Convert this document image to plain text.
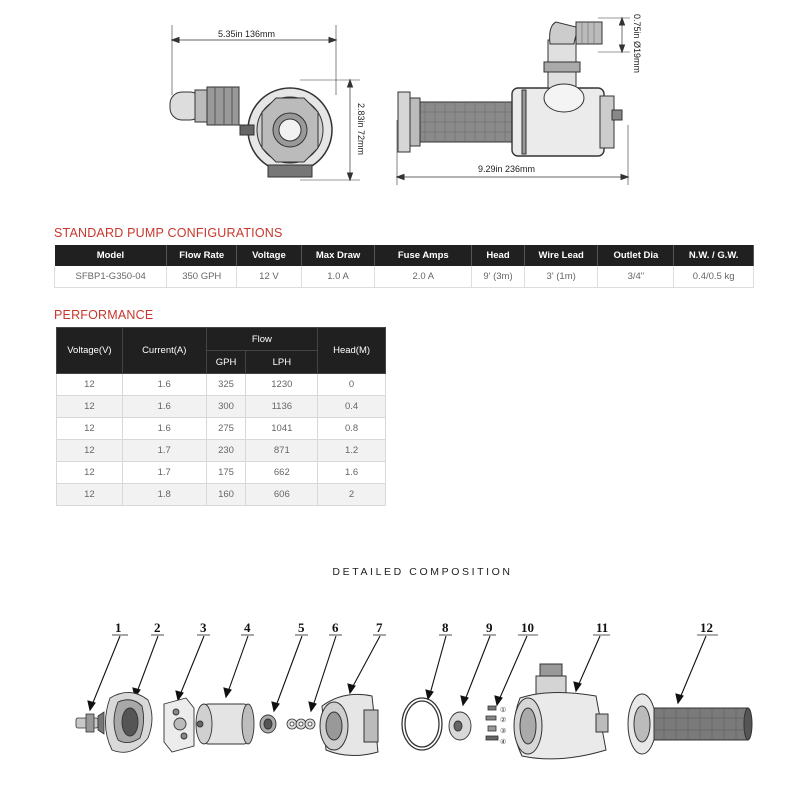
5.35in 136mm
2.83in 72mm
0.75in Ø19mm
9.29in 236mm
STANDARD PUMP CONFIGURATIONS
Model	Flow Rate	Voltage	Max Draw	Fuse Amps	Head	Wire Lead	Outlet Dia	N.W. / G.W.
SFBP1-G350-04	350 GPH	12 V	1.0 A	2.0 A	9' (3m)	3' (1m)	3/4"	0.4/0.5 kg
PERFORMANCE
Voltage(V)	Current(A)	Flow		Head(M)
		GPH	LPH	
12	1.6	325	1230	0
12	1.6	300	1136	0.4
12	1.6	275	1041	0.8
12	1.7	230	871	1.2
12	1.7	175	662	1.6
12	1.8	160	606	2
DETAILED COMPOSITION
1	2	3	4	5 6	7	8	9 10	11	12
①
②
③
④
